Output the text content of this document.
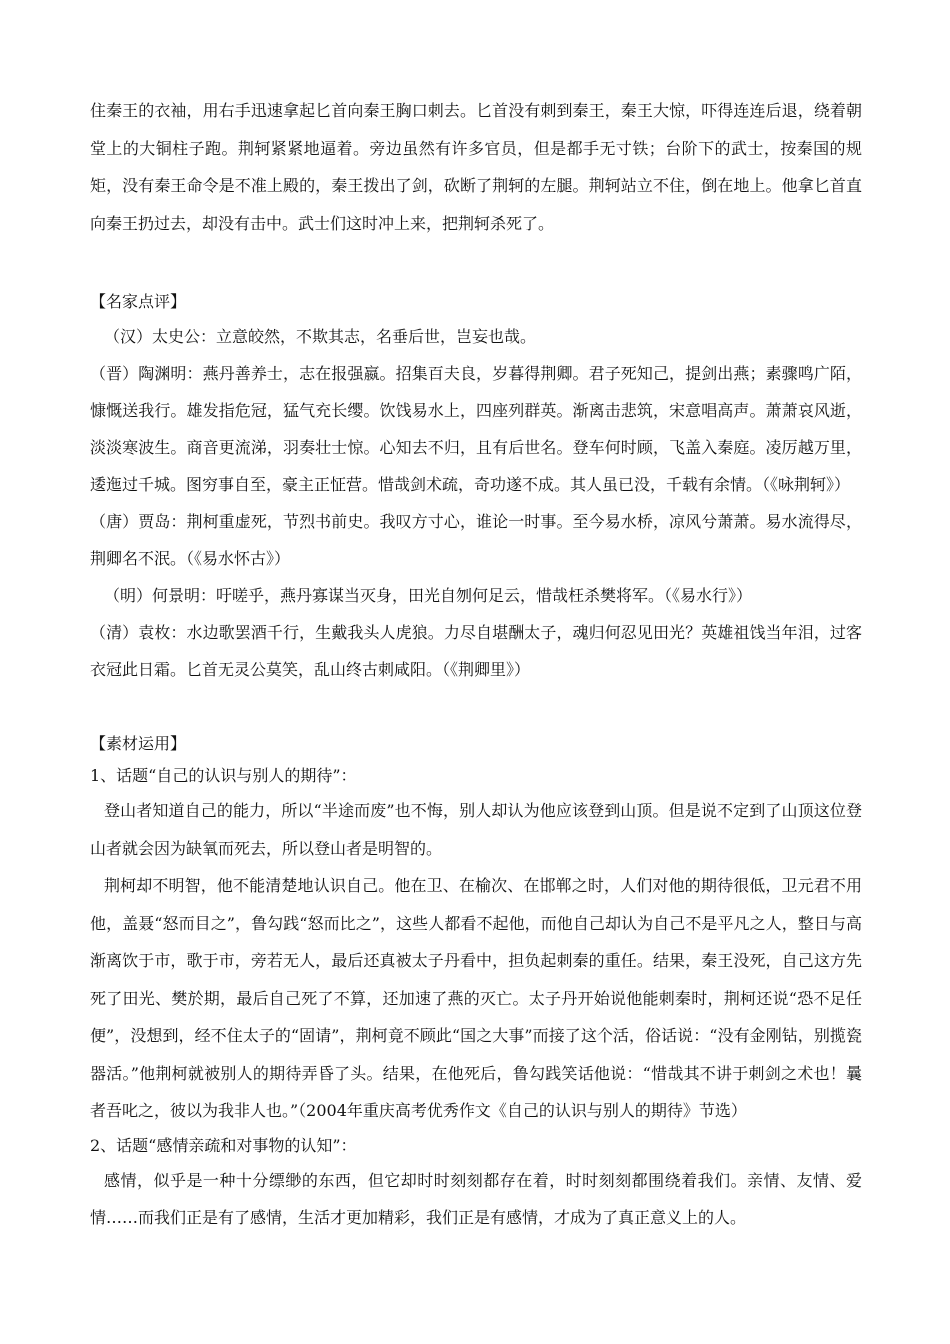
住秦王的衣袖，用右手迅速拿起匕首向秦王胸口刺去。匕首没有刺到秦王，秦王大惊，吓得连连后退，绕着朝堂上的大铜柱子跑。荆轲紧紧地逼着。旁边虽然有许多官员，但是都手无寸铁；台阶下的武士，按秦国的规矩，没有秦王命令是不准上殿的，秦王拨出了剑，砍断了荆轲的左腿。荆轲站立不住，倒在地上。他拿匕首直向秦王扔过去，却没有击中。武士们这时冲上来，把荆轲杀死了。

【名家点评】

（汉）太史公：立意皎然，不欺其志，名垂后世，岂妄也哉。

（晋）陶渊明：燕丹善养士，志在报强嬴。招集百夫良，岁暮得荆卿。君子死知己，提剑出燕；素骤鸣广陌，慷慨送我行。雄发指危冠，猛气充长缨。饮饯易水上，四座列群英。渐离击悲筑，宋意唱高声。萧萧哀风逝，淡淡寒波生。商音更流涕，羽奏壮士惊。心知去不归，且有后世名。登车何时顾，飞盖入秦庭。凌厉越万里，逶迤过千城。图穷事自至，豪主正怔营。惜哉剑术疏，奇功遂不成。其人虽已没，千载有余情。（《咏荆轲》）

（唐）贾岛：荆柯重虚死，节烈书前史。我叹方寸心，谁论一时事。至今易水桥，凉风兮萧萧。易水流得尽，荆卿名不泯。（《易水怀古》）

（明）何景明：吁嗟乎，燕丹寡谋当灭身，田光自刎何足云，惜哉枉杀樊将军。（《易水行》）

（清）袁枚：水边歌罢酒千行，生戴我头人虎狼。力尽自堪酬太子，魂归何忍见田光？英雄祖饯当年泪，过客衣冠此日霜。匕首无灵公莫笑，乱山终古刺咸阳。（《荆卿里》）

【素材运用】

1、话题“自己的认识与别人的期待”：

登山者知道自己的能力，所以“半途而废”也不悔，别人却认为他应该登到山顶。但是说不定到了山顶这位登山者就会因为缺氧而死去，所以登山者是明智的。

荆柯却不明智，他不能清楚地认识自己。他在卫、在榆次、在邯郸之时，人们对他的期待很低，卫元君不用他，盖聂“怒而目之”，鲁勾践“怒而比之”，这些人都看不起他，而他自己却认为自己不是平凡之人，整日与高渐离饮于市，歌于市，旁若无人，最后还真被太子丹看中，担负起刺秦的重任。结果，秦王没死，自己这方先死了田光、樊於期，最后自己死了不算，还加速了燕的灭亡。太子丹开始说他能刺秦时，荆柯还说“恐不足任便”，没想到，经不住太子的“固请”，荆柯竟不顾此“国之大事”而接了这个活，俗话说：“没有金刚钻，别揽瓷器活。”他荆柯就被别人的期待弄昏了头。结果，在他死后，鲁勾践笑话他说：“惜哉其不讲于刺剑之术也！曩者吾叱之，彼以为我非人也。”（2004年重庆高考优秀作文《自己的认识与别人的期待》节选）

2、话题“感情亲疏和对事物的认知”：

感情，似乎是一种十分缥缈的东西，但它却时时刻刻都存在着，时时刻刻都围绕着我们。亲情、友情、爱情……而我们正是有了感情，生活才更加精彩，我们正是有感情，才成为了真正意义上的人。
